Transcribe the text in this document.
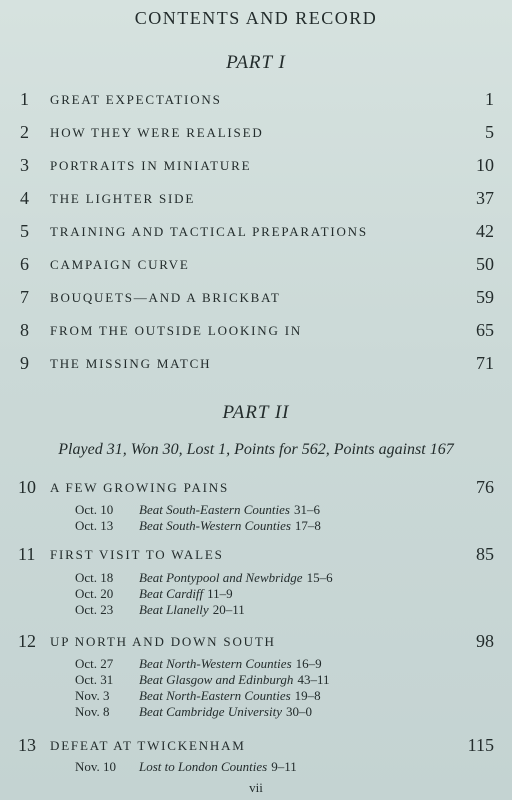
CONTENTS AND RECORD
PART I
1 GREAT EXPECTATIONS	1
2 HOW THEY WERE REALISED	5
3 PORTRAITS IN MINIATURE	10
4 THE LIGHTER SIDE	37
5 TRAINING AND TACTICAL PREPARATIONS	42
6 CAMPAIGN CURVE	50
7 BOUQUETS—AND A BRICKBAT	59
8 FROM THE OUTSIDE LOOKING IN	65
9 THE MISSING MATCH	71
PART II
Played 31, Won 30, Lost 1, Points for 562, Points against 167
10 A FEW GROWING PAINS	76
Oct. 10 Beat South-Eastern Counties 31–6
Oct. 13 Beat South-Western Counties 17–8
11 FIRST VISIT TO WALES	85
Oct. 18 Beat Pontypool and Newbridge 15–6
Oct. 20 Beat Cardiff 11–9
Oct. 23 Beat Llanelly 20–11
12 UP NORTH AND DOWN SOUTH	98
Oct. 27 Beat North-Western Counties 16–9
Oct. 31 Beat Glasgow and Edinburgh 43–11
Nov. 3 Beat North-Eastern Counties 19–8
Nov. 8 Beat Cambridge University 30–0
13 DEFEAT AT TWICKENHAM	115
Nov. 10 Lost to London Counties 9–11
vii
